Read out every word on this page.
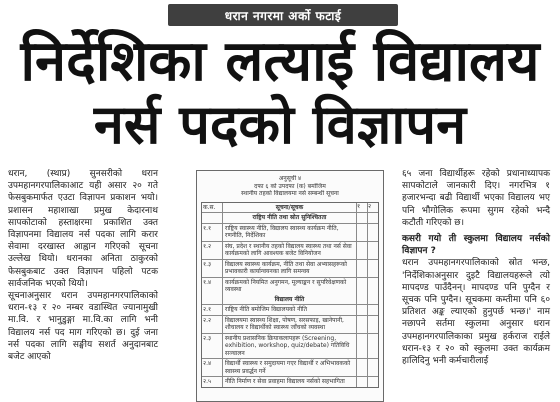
धरान नगरमा अर्को फटाई
निर्देशिका लत्याई विद्यालय
नर्स पदको विज्ञापन

धरान, (स्थाप्र) सुनसरीको धरान उपमहानगरपालिकाआट यही असार २० गते फेसबुकमार्फत एउटा विज्ञापन प्रकाशन भयो। प्रशासन महाशाखा प्रमुख केदारनाथ सापकोटाको हस्ताक्षरमा प्रकाशित उक्त विज्ञापनमा विद्यालय नर्स पदका लागि करार सेवामा दरखास्त आह्वान गरिएको सूचना उल्लेख थियो। धरानका अनिता ठाकुरको फेसबुकबाट उक्त विज्ञापन पहिलो पटक सार्वजनिक भएको थियो।

सूचनाअनुसार धरान उपमहानगरपालिकाको धरान-१३ र २० नम्बर वडास्थित ज्यानामुखी मा.वि. र भानुडुङ्गा मा.वि.का लागि भनी विद्यालय नर्स पद माग गरिएको छ। दुई जना नर्स पदका लागि सङ्घीय सशर्त अनुदानबाट बजेट आएको

अनुसूची ४
दफा ६ को उपदफा (क) बमोजिम
स्थानीय तहको विद्यालयमा नर्स सम्बन्धी सूचना
क.स.	सूचना/सूचक	१	२
राष्ट्रिय नीति तथा स्रोत सुनिश्चितता
१.१	राष्ट्रिय स्वास्थ्य नीति, विद्यालय स्वास्थ्य कार्यक्रम नीति, रणनीति, निर्देशिका
१.२	संघ, प्रदेश र स्थानीय तहको विद्यालय स्वास्थ्य तथा नर्स सेवा कार्यक्रमको लागि आवश्यक बजेट विनियोजन
१.३	विद्यालय स्वास्थ्य कार्यक्रम, नीति तथा सेवा अभ्यासहरूको प्रभावकारी कार्यान्वयनका लागि समन्वय
१.४	कार्यक्रमको नियमित अनुगमन, मूल्याङ्कन र सुपरिवेक्षणको व्यवस्था
विद्यालय नीति
२.१	राष्ट्रिय नीति बमोजिम विद्यालयको नीति
२.२	विद्यालयमा स्वास्थ्य शिक्षा, पोषण, सरसफाइ, खानेपानी, शौचालय र विद्यार्थीको स्वास्थ्य जाँचको व्यवस्था
२.३	स्थानीय प्रशासनिक क्रियाकलापहरू (Screening, exhibition, workshop, quiz/debate) गतिविधि सञ्चालन
२.४	विद्यार्थी स्वास्थ्य र समुदायमा गएर विद्यार्थी र अभिभावकको स्वास्थ्य प्रवर्द्धन गर्ने
२.५	नीति निर्माण र सेवा प्रवाहमा विद्यालय नर्सको सहभागिता

६५ जना विद्यार्थीहरू रहेको प्रधानाध्यापक सापकोटाले जानकारी दिए। नगरभित्र १ हजारभन्दा बढी विद्यार्थी भएका विद्यालय भए पनि भौगोलिक रूपमा सुगम रहेको भन्दै कटौती गरिएको छ।

कसरी गयो ती स्कुलमा विद्यालय नर्सको विज्ञापन ?

धरान उपमहानगरपालिकाको स्रोत भन्छ, 'निर्देशिकाअनुसार दुइटै विद्यालयहरूले त्यो मापदण्ड पाउँदैनन्। मापदण्ड पनि पुग्दैन र सूचक पनि पुग्दैन। सूचकमा कम्तीमा पनि ६० प्रतिशत अङ्क ल्याएको हुनुपर्छ भन्छ।' नाम नछापने सर्तमा स्कुलमा अनुसार धरान उपमहानगरपालिकाका प्रमुख हर्कराज राईले धरान-१३ र २० को स्कुलमा उक्त कार्यक्रम हालिदिनु भनी कर्मचारीलाई
